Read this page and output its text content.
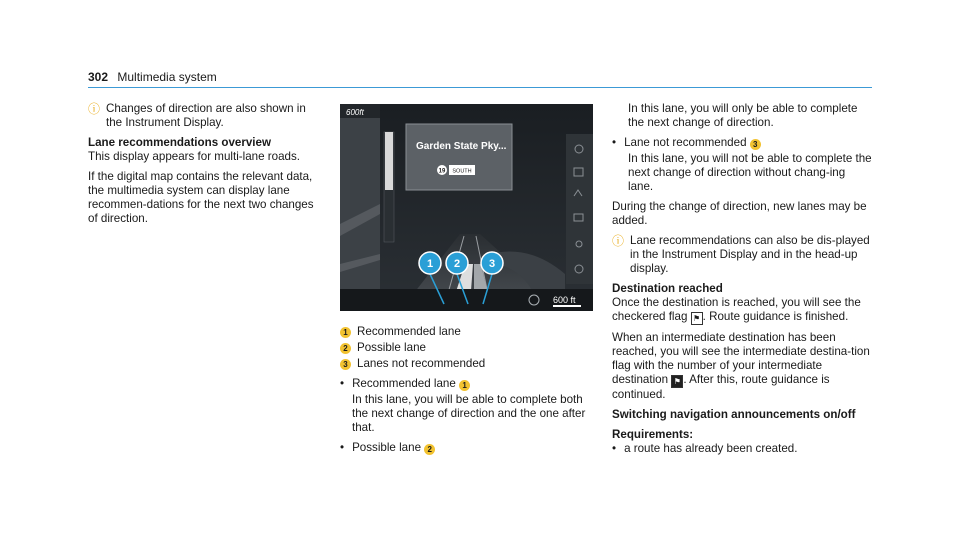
302 Multimedia system
ⓘ Changes of direction are also shown in the Instrument Display.

Lane recommendations overview

This display appears for multi-lane roads.

If the digital map contains the relevant data, the multimedia system can display lane recommen-dations for the next two changes of direction.

Garden State Pky...
19 SOUTH
600ft
600 ft
1 2	3
1 Recommended lane
2 Possible lane
3 Lanes not recommended
• Recommended lane 1
In this lane, you will be able to complete both the next change of direction and the one after that.
• Possible lane 2
In this lane, you will only be able to complete the next change of direction.
• Lane not recommended 3
In this lane, you will not be able to complete the next change of direction without chang-ing lane.

During the change of direction, new lanes may be added.

ⓘ Lane recommendations can also be dis-played in the Instrument Display and in the head-up display.

Destination reached

Once the destination is reached, you will see the checkered flag ⚑ . Route guidance is finished.

When an intermediate destination has been reached, you will see the intermediate destina-tion flag with the number of your intermediate destination ⚑ . After this, route guidance is continued.

Switching navigation announcements on/off

Requirements:

• a route has already been created.
